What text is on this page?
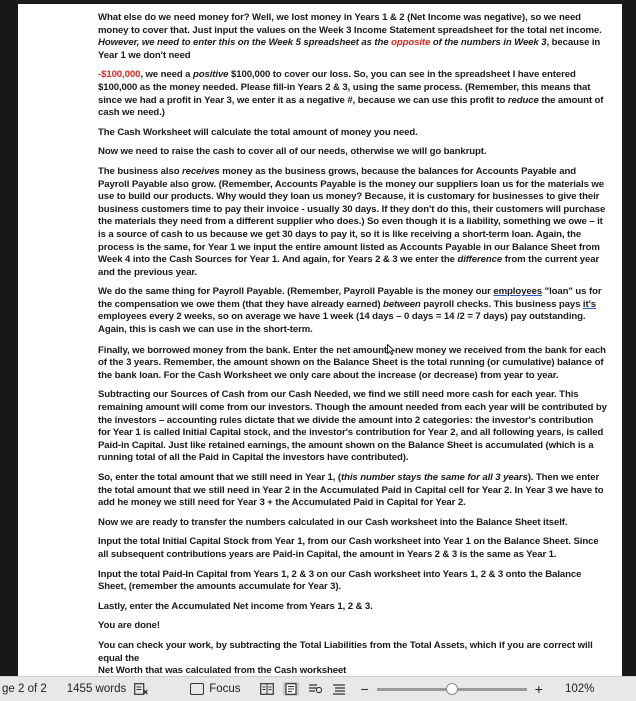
What else do we need money for? Well, we lost money in Years 1 & 2 (Net Income was negative), so we need money to cover that. Just input the values on the Week 3 Income Statement spreadsheet for the total net income. However, we need to enter this on the Week 5 spreadsheet as the opposite of the numbers in Week 3, because in Year 1 we don't need

-$100,000, we need a positive $100,000 to cover our loss. So, you can see in the spreadsheet I have entered $100,000 as the money needed. Please fill-in Years 2 & 3, using the same process. (Remember, this means that since we had a profit in Year 3, we enter it as a negative #, because we can use this profit to reduce the amount of cash we need.)

The Cash Worksheet will calculate the total amount of money you need.

Now we need to raise the cash to cover all of our needs, otherwise we will go bankrupt.

The business also receives money as the business grows, because the balances for Accounts Payable and Payroll Payable also grow. (Remember, Accounts Payable is the money our suppliers loan us for the materials we use to build our products. Why would they loan us money? Because, it is customary for businesses to give their business customers time to pay their invoice - usually 30 days. If they don't do this, their customers will purchase the materials they need from a different supplier who does.) So even though it is a liability, something we owe – it is a source of cash to us because we get 30 days to pay it, so it is like receiving a short-term loan. Again, the process is the same, for Year 1 we input the entire amount listed as Accounts Payable in our Balance Sheet from Week 4 into the Cash Sources for Year 1. And again, for Years 2 & 3 we enter the difference from the current year and the previous year.

We do the same thing for Payroll Payable. (Remember, Payroll Payable is the money our employees "loan" us for the compensation we owe them (that they have already earned) between payroll checks. This business pays it's employees every 2 weeks, so on average we have 1 week (14 days – 0 days = 14 /2 = 7 days) pay outstanding. Again, this is cash we can use in the short-term.

Finally, we borrowed money from the bank. Enter the net amount new money we received from the bank for each of the 3 years. Remember, the amount shown on the Balance Sheet is the total running (or cumulative) balance of the bank loan. For the Cash Worksheet we only care about the increase (or decrease) from year to year.

Subtracting our Sources of Cash from our Cash Needed, we find we still need more cash for each year. This remaining amount will come from our investors. Though the amount needed from each year will be contributed by the investors – accounting rules dictate that we divide the amount into 2 categories: the investor's contribution for Year 1 is called Initial Capital stock, and the investor's contribution for Year 2, and all following years, is called Paid-in Capital. Just like retained earnings, the amount shown on the Balance Sheet is accumulated (which is a running total of all the Paid in Capital the investors have contributed).

So, enter the total amount that we still need in Year 1, (this number stays the same for all 3 years). Then we enter the total amount that we still need in Year 2 in the Accumulated Paid in Capital cell for Year 2. In Year 3 we have to add he money we still need for Year 3 + the Accumulated Paid in Capital for Year 2.

Now we are ready to transfer the numbers calculated in our Cash worksheet into the Balance Sheet itself.

Input the total Initial Capital Stock from Year 1, from our Cash worksheet into Year 1 on the Balance Sheet. Since all subsequent contributions years are Paid-in Capital, the amount in Years 2 & 3 is the same as Year 1.

Input the total Paid-In Capital from Years 1, 2 & 3 on our Cash worksheet into Years 1, 2 & 3 onto the Balance Sheet, (remember the amounts accumulate for Year 3).

Lastly, enter the Accumulated Net income from Years 1, 2 & 3.

You are done!

You can check your work, by subtracting the Total Liabilities from the Total Assets, which if you are correct will equal the

Net Worth that was calculated from the Cash worksheet

ge 2 of 2 1455 words	Focus	−	+ 102%
